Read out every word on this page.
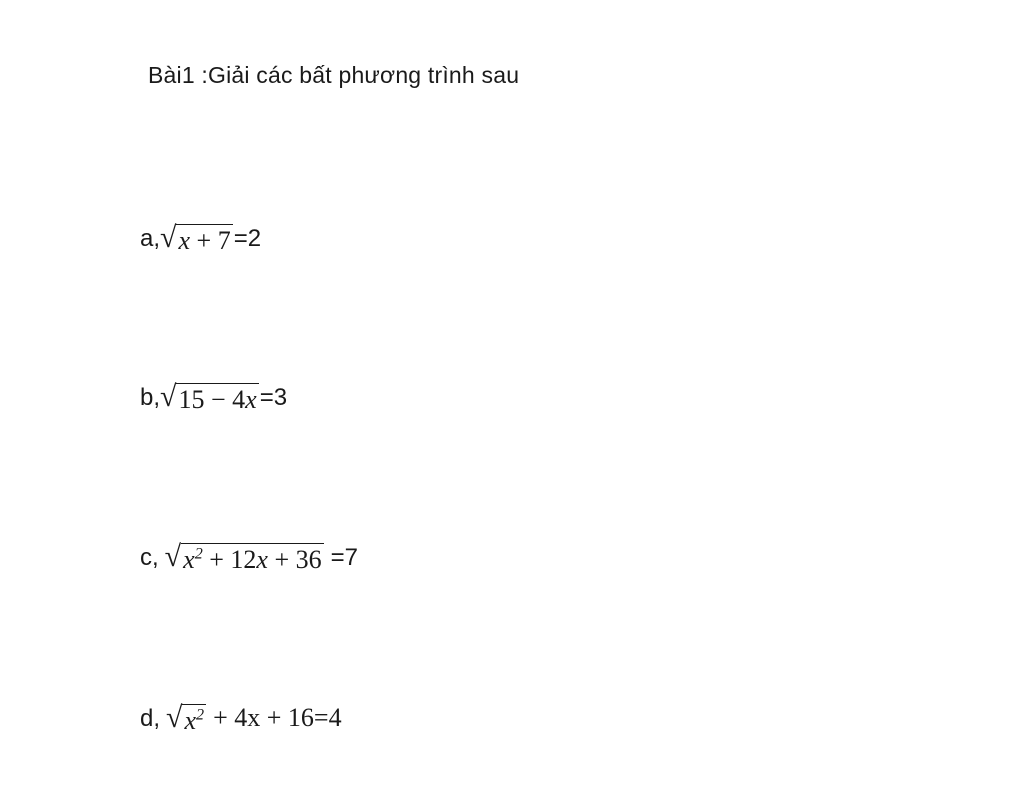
Bài1 :Giải các bất phương trình sau
a, √ x + 7 =2
b, √ 15 − 4x =3
c, √ $x^2 + 12x + 36 =7$
d, √ $x^2 + 4x + 16=4$
